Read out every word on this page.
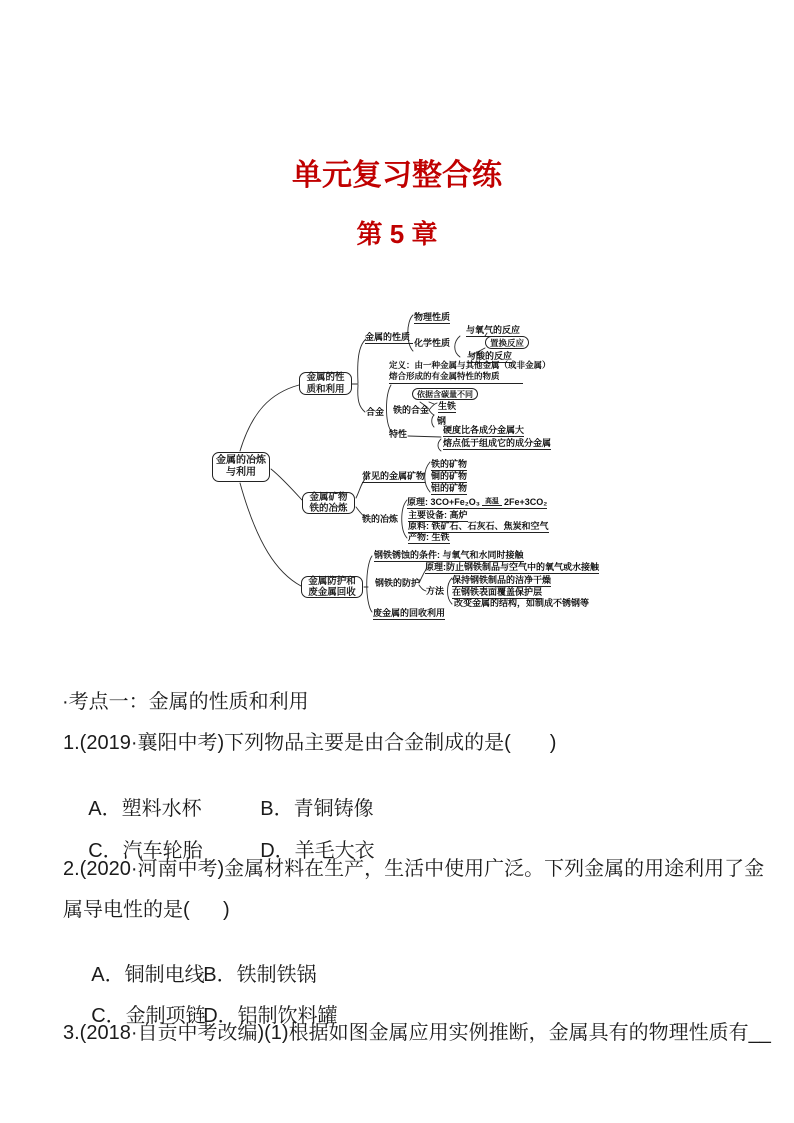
单元复习整合练
第 5 章
金属的冶炼与利用
金属的性质和利用
金属矿物铁的冶炼
金属防护和废金属回收
金属的性质
物理性质
化学性质
与氧气的反应
置换反应
与酸的反应
合金
定义：由一种金属与其他金属（或非金属）
熔合形成的有金属特性的物质
铁的合金
依据含碳量不同
生铁
钢
特性	硬度比各成分金属大
熔点低于组成它的成分金属
常见的金属矿物
铁的矿物
铜的矿物
铝的矿物
铁的冶炼
原理: 3CO+Fe₂O₃ $^{高温}$ 2Fe+3CO₂
主要设备: 高炉
原料: 铁矿石、石灰石、焦炭和空气
产物: 生铁
钢铁锈蚀的条件: 与氧气和水同时接触
原理:防止钢铁制品与空气中的氧气或水接触
钢铁的防护
方法
保持钢铁制品的洁净干燥
在钢铁表面覆盖保护层
改变金属的结构，如制成不锈钢等
废金属的回收利用
·考点一：金属的性质和利用
1.(2019·襄阳中考)下列物品主要是由合金制成的是(       )

A．塑料水杯	B．青铜铸像

C．汽车轮胎	D．羊毛大衣

2.(2020·河南中考)金属材料在生产，生活中使用广泛。下列金属的用途利用了金
属导电性的是(      )

A．铜制电线B．铁制铁锅

C．金制项链D．铝制饮料罐

3.(2018·自贡中考改编)(1)根据如图金属应用实例推断，金属具有的物理性质有__
